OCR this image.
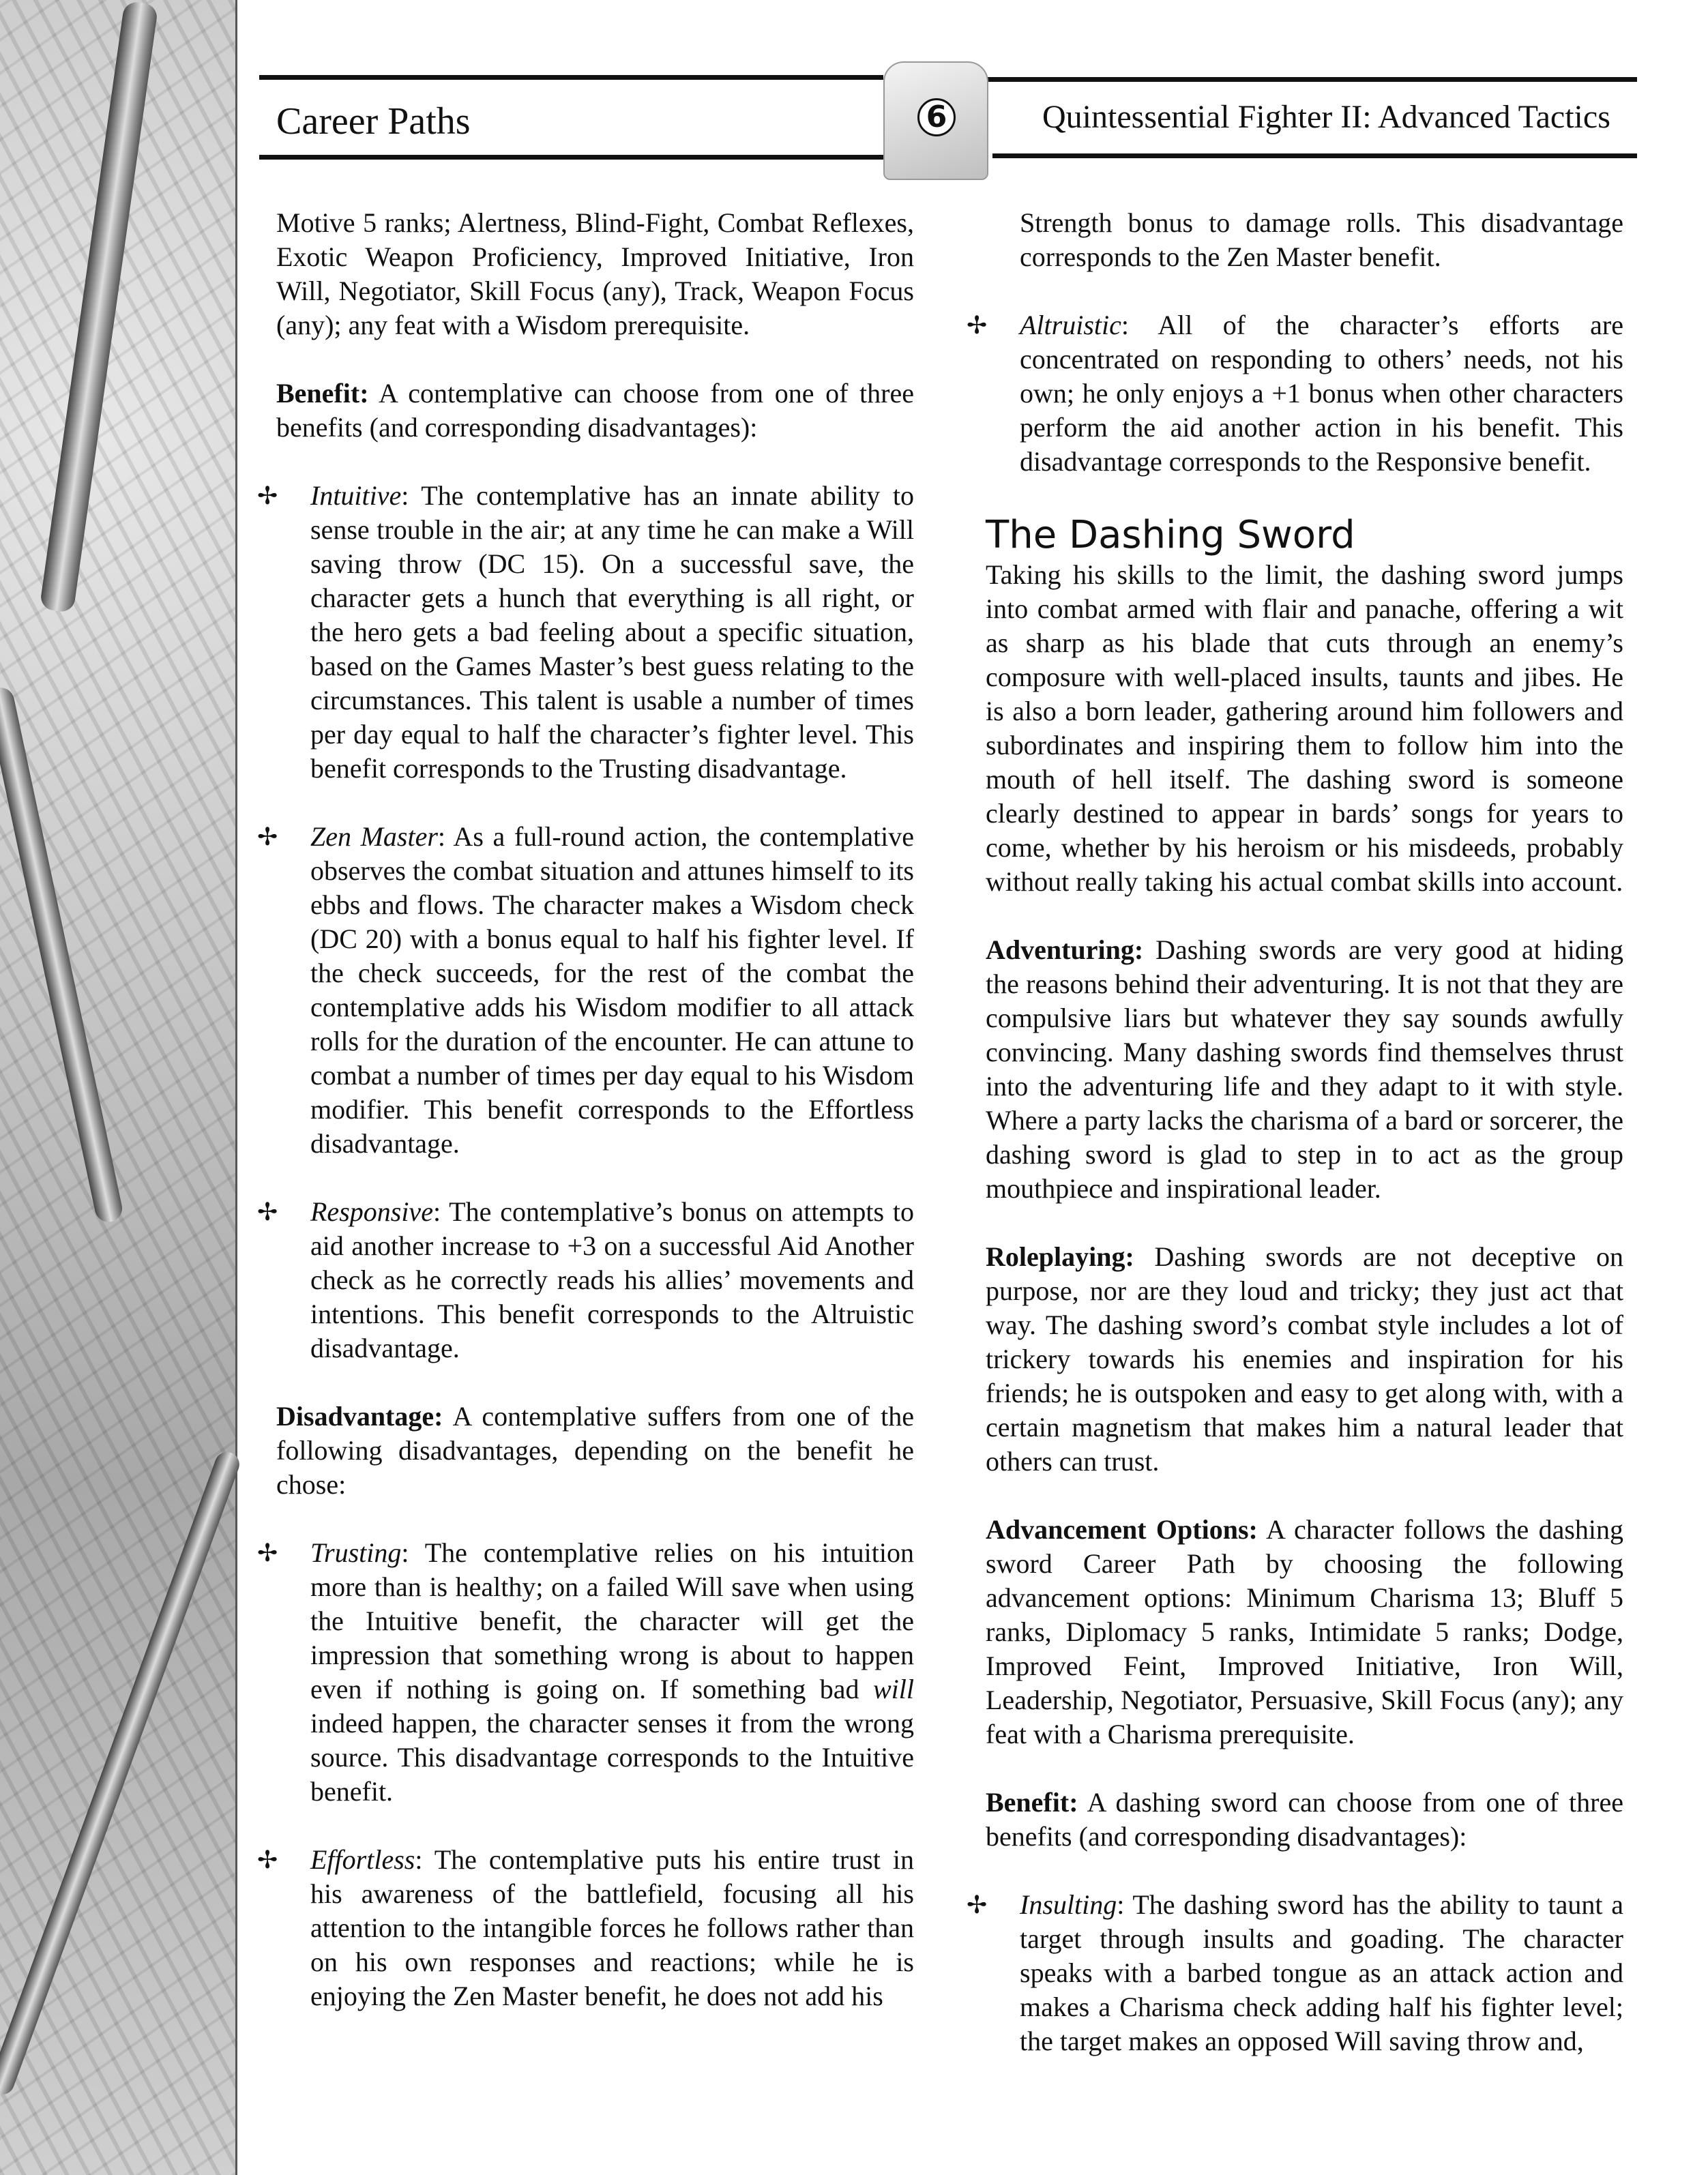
Career Paths	Quintessential Fighter II: Advanced Tactics
6
Motive 5 ranks; Alertness, Blind-Fight, Combat Reflexes, Exotic Weapon Proficiency, Improved Initiative, Iron Will, Negotiator, Skill Focus (any), Track, Weapon Focus (any); any feat with a Wisdom prerequisite.
Benefit: A contemplative can choose from one of three benefits (and corresponding disadvantages):
✢ Intuitive: The contemplative has an innate ability to sense trouble in the air; at any time he can make a Will saving throw (DC 15). On a successful save, the character gets a hunch that everything is all right, or the hero gets a bad feeling about a specific situation, based on the Games Master’s best guess relating to the circumstances. This talent is usable a number of times per day equal to half the character’s fighter level. This benefit corresponds to the Trusting disadvantage.
✢ Zen Master: As a full-round action, the contemplative observes the combat situation and attunes himself to its ebbs and flows. The character makes a Wisdom check (DC 20) with a bonus equal to half his fighter level. If the check succeeds, for the rest of the combat the contemplative adds his Wisdom modifier to all attack rolls for the duration of the encounter. He can attune to combat a number of times per day equal to his Wisdom modifier. This benefit corresponds to the Effortless disadvantage.
✢ Responsive: The contemplative’s bonus on attempts to aid another increase to +3 on a successful Aid Another check as he correctly reads his allies’ movements and intentions. This benefit corresponds to the Altruistic disadvantage.
Disadvantage: A contemplative suffers from one of the following disadvantages, depending on the benefit he chose:
✢ Trusting: The contemplative relies on his intuition more than is healthy; on a failed Will save when using the Intuitive benefit, the character will get the impression that something wrong is about to happen even if nothing is going on. If something bad will indeed happen, the character senses it from the wrong source. This disadvantage corresponds to the Intuitive benefit.
✢ Effortless: The contemplative puts his entire trust in his awareness of the battlefield, focusing all his attention to the intangible forces he follows rather than on his own responses and reactions; while he is enjoying the Zen Master benefit, he does not add his
Strength bonus to damage rolls. This disadvantage corresponds to the Zen Master benefit.
✢ Altruistic: All of the character’s efforts are concentrated on responding to others’ needs, not his own; he only enjoys a +1 bonus when other characters perform the aid another action in his benefit. This disadvantage corresponds to the Responsive benefit.
The Dashing Sword
Taking his skills to the limit, the dashing sword jumps into combat armed with flair and panache, offering a wit as sharp as his blade that cuts through an enemy’s composure with well-placed insults, taunts and jibes. He is also a born leader, gathering around him followers and subordinates and inspiring them to follow him into the mouth of hell itself. The dashing sword is someone clearly destined to appear in bards’ songs for years to come, whether by his heroism or his misdeeds, probably without really taking his actual combat skills into account.
Adventuring: Dashing swords are very good at hiding the reasons behind their adventuring. It is not that they are compulsive liars but whatever they say sounds awfully convincing. Many dashing swords find themselves thrust into the adventuring life and they adapt to it with style. Where a party lacks the charisma of a bard or sorcerer, the dashing sword is glad to step in to act as the group mouthpiece and inspirational leader.
Roleplaying: Dashing swords are not deceptive on purpose, nor are they loud and tricky; they just act that way. The dashing sword’s combat style includes a lot of trickery towards his enemies and inspiration for his friends; he is outspoken and easy to get along with, with a certain magnetism that makes him a natural leader that others can trust.
Advancement Options: A character follows the dashing sword Career Path by choosing the following advancement options: Minimum Charisma 13; Bluff 5 ranks, Diplomacy 5 ranks, Intimidate 5 ranks; Dodge, Improved Feint, Improved Initiative, Iron Will, Leadership, Negotiator, Persuasive, Skill Focus (any); any feat with a Charisma prerequisite.
Benefit: A dashing sword can choose from one of three benefits (and corresponding disadvantages):
✢ Insulting: The dashing sword has the ability to taunt a target through insults and goading. The character speaks with a barbed tongue as an attack action and makes a Charisma check adding half his fighter level; the target makes an opposed Will saving throw and,
